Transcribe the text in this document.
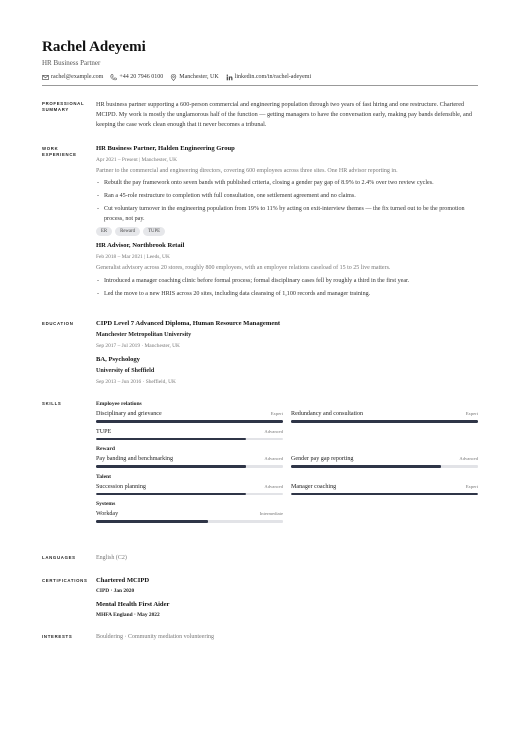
Rachel Adeyemi
HR Business Partner
rachel@example.com	+44 20 7946 0100	Manchester, UK	linkedin.com/in/rachel-adeyemi
PROFESSIONAL SUMMARY
HR business partner supporting a 600-person commercial and engineering population through two years of fast hiring and one restructure. Chartered MCIPD. My work is mostly the unglamorous half of the function — getting managers to have the conversation early, making pay bands defensible, and keeping the case work clean enough that it never becomes a tribunal.
WORK EXPERIENCE
HR Business Partner, Halden Engineering Group
Apr 2021 – Present | Manchester, UK
Partner to the commercial and engineering directors, covering 600 employees across three sites. One HR advisor reporting in.
- Rebuilt the pay framework onto seven bands with published criteria, closing a gender pay gap of 8.9% to 2.4% over two review cycles.
- Ran a 45-role restructure to completion with full consultation, one settlement agreement and no claims.
- Cut voluntary turnover in the engineering population from 19% to 11% by acting on exit-interview themes — the fix turned out to be the promotion process, not pay.
ER	Reward	TUPE
HR Advisor, Northbrook Retail
Feb 2018 – Mar 2021 | Leeds, UK
Generalist advisory across 20 stores, roughly 800 employees, with an employee relations caseload of 15 to 25 live matters.
- Introduced a manager coaching clinic before formal process; formal disciplinary cases fell by roughly a third in the first year.
- Led the move to a new HRIS across 20 sites, including data cleansing of 1,100 records and manager training.
EDUCATION	CIPD Level 7 Advanced Diploma, Human Resource Management
Manchester Metropolitan University
Sep 2017 – Jul 2019 · Manchester, UK
BA, Psychology
University of Sheffield
Sep 2013 – Jun 2016 · Sheffield, UK
SKILLS	Employee relations
Disciplinary and grievance	Expert Redundancy and consultation	Expert
TUPE	Advanced
Reward
Pay banding and benchmarking	Advanced Gender pay gap reporting	Advanced
Talent
Succession planning	Advanced Manager coaching	Expert
Systems
Workday	Intermediate
LANGUAGES	English (C2)
CERTIFICATIONS	Chartered MCIPD
CIPD · Jan 2020
Mental Health First Aider
MHFA England · May 2022
INTERESTS	Bouldering · Community mediation volunteering
